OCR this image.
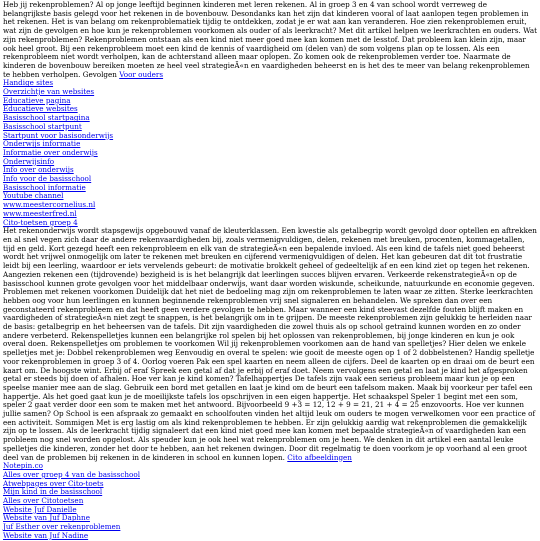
Heb jij rekenproblemen? Al op jonge leeftijd beginnen kinderen met leren rekenen. Al in groep 3 en 4 van school wordt verreweg de belangrijkste basis gelegd voor het rekenen in de bovenbouw. Desondanks kan het zijn dat kinderen vooral of laat aanlopen tegen problemen in het rekenen. Het is van belang om rekenproblematiek tijdig te ontdekken, zodat je er wat aan kan veranderen. Hoe zien rekenproblemen eruit, wat zijn de gevolgen en hoe kun je rekenproblemen voorkomen als ouder of als leerkracht? Met dit artikel helpen we leerkrachten en ouders. Wat zijn rekenproblemen? Rekenproblemen ontstaan als een kind niet meer goed mee kan komen met de lesstof. Dat probleem kan klein zijn, maar ook heel groot. Bij een rekenprobleem moet een kind de kennis of vaardigheid om (delen van) de som volgens plan op te lossen. Als een rekenprobleem niet wordt verholpen, kan de achterstand alleen maar oplopen. Zo komen ook de rekenproblemen verder toe. Naarmate de kinderen de bovenbouw bereiken moeten ze heel veel strategieÃ«n en vaardigheden beheerst en is het des te meer van belang rekenproblemen te hebben verholpen. Gevolgen Voor ouders

Handige sites
Overzichtje van websites
Educatieve pagina
Educatieve websites
Basisschool startpagina
Basisschool startpunt
Startpunt voor basisonderwijs
Onderwijs informatie
Informatie over onderwijs
Onderwijsinfo
Info over onderwijs
Info voor de basisschool
Basisschool informatie
Youtube channel
www.meestercornelius.nl
www.meesterfred.nl
Cito-toetsen groep 4

Het rekenonderwijs wordt stapsgewijs opgebouwd vanaf de kleuterklassen. Een kwestie als getalbegrip wordt gevolgd door optellen en aftrekken en al snel vegen zich daar de andere rekenvaardigheden bij, zoals vermenigvuldigen, delen, rekenen met breuken, procenten, kommagetallen, tijd en geld. Kort gezegd heeft een rekenprobleem en elk van de strategieÃ«n een bepalende invloed. Als een kind de tafels niet goed beheerst wordt het vrijwel onmogelijk om later te rekenen met breuken en cijferend vermenigvuldigen of delen. Het kan gebeuren dat dit tot frustratie leidt bij een leerling, waardoor er iets vervelends gebeurt: de motivatie brokkelt geheel of gedeeltelijk af en een kind ziet op tegen het rekenen. Aangezien rekenen een (tijdrovende) bezigheid is is het belangrijk dat leerlingen succes blijven ervaren. Verkeerde rekenstrategieÃ«n op de basisschool kunnen grote gevolgen voor het middelbaar onderwijs, want daar worden wiskunde, scheikunde, natuurkunde en economie gegeven. Problemen met rekenen voorkomen Duidelijk dat het niet de bedoeling mag zijn om rekenproblemen te laten waar ze zitten. Sterke leerkrachten hebben oog voor hun leerlingen en kunnen beginnende rekenproblemen vrij snel signaleren en behandelen. We spreken dan over een geconstateerd rekenprobleem en dat heeft geen verdere gevolgen te hebben. Maar wanneer een kind steevast dezelfde fouten blijft maken en vaardigheden of strategieÃ«n niet zegt te snappen, is het belangrijk om in te grijpen. De meeste rekenproblemen zijn gelukkig te herleiden naar de basis: getalbegrip en het beheersen van de tafels. Dit zijn vaardigheden die zowel thuis als op school getraind kunnen worden en zo onder andere verbeterd. Rekenspelletjes kunnen een belangrijke rol spelen bij het oplossen van rekenproblemen, bij jonge kinderen en kun je ook overal doen. Rekenspelletjes om problemen te voorkomen Wil jij rekenproblemen voorkomen aan de hand van spelletjes? Hier delen we enkele spelletjes met je: Dobbel rekenproblemen weg Eenvoudig en overal te spelen: wie gooit de meeste ogen op 1 of 2 dobbelstenen? Handig spelletje voor rekenproblemen in groep 3 of 4. Oorlog voeren Pak een spel kaarten en neem alleen de cijfers. Deel de kaarten op en draai om de beurt een kaart om. De hoogste wint. Erbij of eraf Spreek een getal af dat je erbij of eraf doet. Neem vervolgens een getal en laat je kind het afgesproken getal er steeds bij doen of afhalen. Hoe ver kan je kind komen? Tafelhappertjes De tafels zijn vaak een serieus probleem maar kun je op een speelse manier mee aan de slag. Gebruik een bord met getallen en laat je kind om de beurt een tafelsom maken. Maak bij voorkeur per tafel een happertje. Als het goed gaat kun je de moeilijkste tafels los opschrijven in een eigen happertje. Het schaakspel Speler 1 begint met een som, speler 2 gaat verder door een som te maken met het antwoord. Bijvoorbeeld 9 +3 = 12, 12 + 9 = 21, 21 + 4 = 25 enzovoorts. Hoe ver kunnen jullie samen? Op School is een afspraak zo gemaakt en schoolfouten vinden het altijd leuk om ouders te mogen verwelkomen voor een practice of een activiteit. Sommigen Met is erg lastig om als kind rekenproblemen te hebben. Er zijn gelukkig aardig wat rekenproblemen die gemakkelijk zijn op te lossen. Als de leerkracht tijdig signaleert dat een kind niet goed mee kan komen met bepaalde strategieÃ«n of vaardigheden kan een probleem nog snel worden opgelost. Als speuder kun je ook heel wat rekenproblemen om je heen. We denken in dit artikel een aantal leuke spelletjes die kinderen, zonder het door te hebben, aan het rekenen dwingen. Door dit regelmatig te doen voorkom je op voorhand al een groot deel van de problemen bij rekenen in de kinderen in school en kunnen lopen. Cito afbeeldingen

Notepin.co
Alles over groep 4 van de basisschool
Atwebpages over Cito-toets
Mijn kind in de basisschool
Alles over Citotoetsen
Website Juf Danielle
Website van Juf Daphne
Juf Esther over rekenproblemen
Website van Juf Nadine
